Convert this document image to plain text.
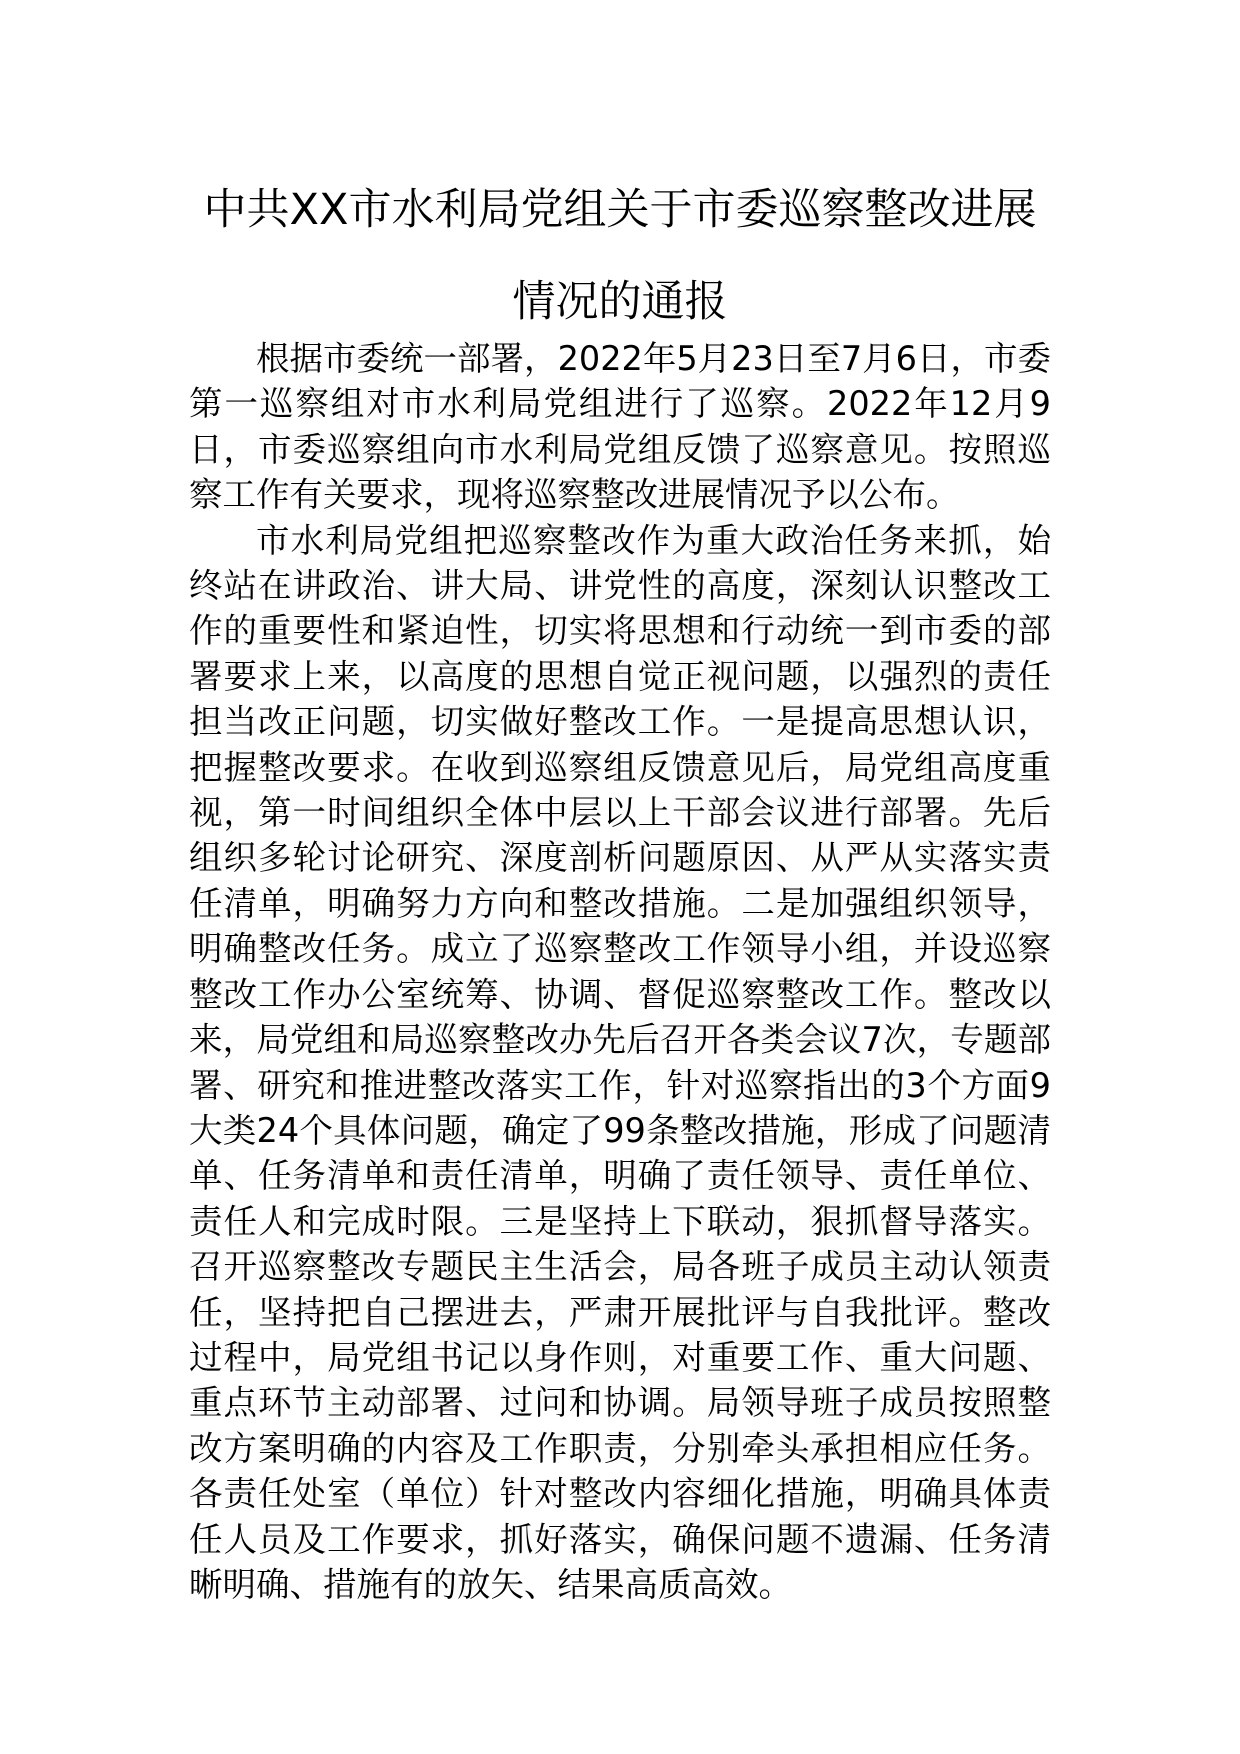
中共XX市水利局党组关于市委巡察整改进展情况的通报

根据市委统一部署，2022年5月23日至7月6日，市委第一巡察组对市水利局党组进行了巡察。2022年12月9日，市委巡察组向市水利局党组反馈了巡察意见。按照巡察工作有关要求，现将巡察整改进展情况予以公布。

市水利局党组把巡察整改作为重大政治任务来抓，始终站在讲政治、讲大局、讲党性的高度，深刻认识整改工作的重要性和紧迫性，切实将思想和行动统一到市委的部署要求上来，以高度的思想自觉正视问题，以强烈的责任担当改正问题，切实做好整改工作。一是提高思想认识，把握整改要求。在收到巡察组反馈意见后，局党组高度重视，第一时间组织全体中层以上干部会议进行部署。先后组织多轮讨论研究、深度剖析问题原因、从严从实落实责任清单，明确努力方向和整改措施。二是加强组织领导，明确整改任务。成立了巡察整改工作领导小组，并设巡察整改工作办公室统筹、协调、督促巡察整改工作。整改以来，局党组和局巡察整改办先后召开各类会议7次，专题部署、研究和推进整改落实工作，针对巡察指出的3个方面9大类24个具体问题，确定了99条整改措施，形成了问题清单、任务清单和责任清单，明确了责任领导、责任单位、责任人和完成时限。三是坚持上下联动，狠抓督导落实。召开巡察整改专题民主生活会，局各班子成员主动认领责任，坚持把自己摆进去，严肃开展批评与自我批评。整改过程中，局党组书记以身作则，对重要工作、重大问题、重点环节主动部署、过问和协调。局领导班子成员按照整改方案明确的内容及工作职责，分别牵头承担相应任务。各责任处室（单位）针对整改内容细化措施，明确具体责任人员及工作要求，抓好落实，确保问题不遗漏、任务清晰明确、措施有的放矢、结果高质高效。
